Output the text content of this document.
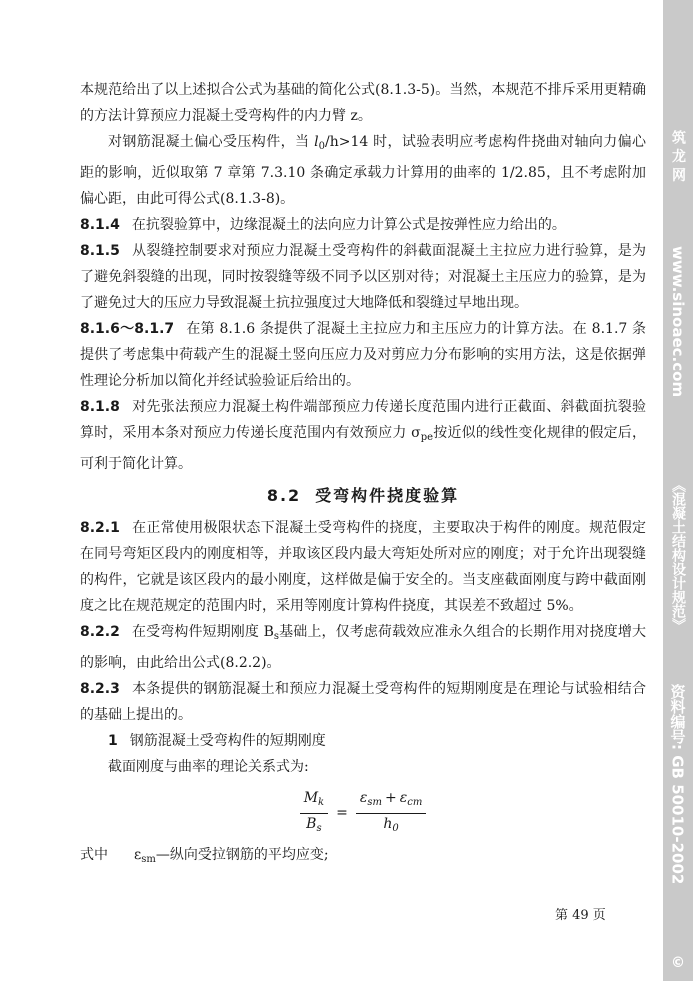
本规范给出了以上述拟合公式为基础的简化公式(8.1.3-5)。当然，本规范不排斥采用更精确的方法计算预应力混凝土受弯构件的内力臂 z。

对钢筋混凝土偏心受压构件，当 $l_0/h>14$ 时，试验表明应考虑构件挠曲对轴向力偏心距的影响，近似取第 7 章第 7.3.10 条确定承载力计算用的曲率的 1/2.85，且不考虑附加偏心距，由此可得公式(8.1.3-8)。

8.1.4 在抗裂验算中，边缘混凝土的法向应力计算公式是按弹性应力给出的。

8.1.5 从裂缝控制要求对预应力混凝土受弯构件的斜截面混凝土主拉应力进行验算，是为了避免斜裂缝的出现，同时按裂缝等级不同予以区别对待；对混凝土主压应力的验算，是为了避免过大的压应力导致混凝土抗拉强度过大地降低和裂缝过早地出现。

8.1.6～8.1.7 在第 8.1.6 条提供了混凝土主拉应力和主压应力的计算方法。在 8.1.7 条提供了考虑集中荷载产生的混凝土竖向压应力及对剪应力分布影响的实用方法，这是依据弹性理论分析加以简化并经试验验证后给出的。

8.1.8 对先张法预应力混凝土构件端部预应力传递长度范围内进行正截面、斜截面抗裂验算时，采用本条对预应力传递长度范围内有效预应力 $\sigma_{pe}$按近似的线性变化规律的假定后，可利于简化计算。

8.2 受弯构件挠度验算

8.2.1 在正常使用极限状态下混凝土受弯构件的挠度，主要取决于构件的刚度。规范假定在同号弯矩区段内的刚度相等，并取该区段内最大弯矩处所对应的刚度；对于允许出现裂缝的构件，它就是该区段内的最小刚度，这样做是偏于安全的。当支座截面刚度与跨中截面刚度之比在规范规定的范围内时，采用等刚度计算构件挠度，其误差不致超过 5%。

8.2.2 在受弯构件短期刚度 $B_s$基础上，仅考虑荷载效应准永久组合的长期作用对挠度增大的影响，由此给出公式(8.2.2)。

8.2.3 本条提供的钢筋混凝土和预应力混凝土受弯构件的短期刚度是在理论与试验相结合的基础上提出的。

1 钢筋混凝土受弯构件的短期刚度

截面刚度与曲率的理论关系式为:

$\frac{M_k}{B_s} = \frac{\varepsilon_{sm} + \varepsilon_{cm}}{h_0}$

式中 $\varepsilon_{sm}—$纵向受拉钢筋的平均应变;

第 49 页
筑 龙 网
www.sinoaec.com
《混凝土结构设计规范》
资料编号: GB 50010-2002
©
